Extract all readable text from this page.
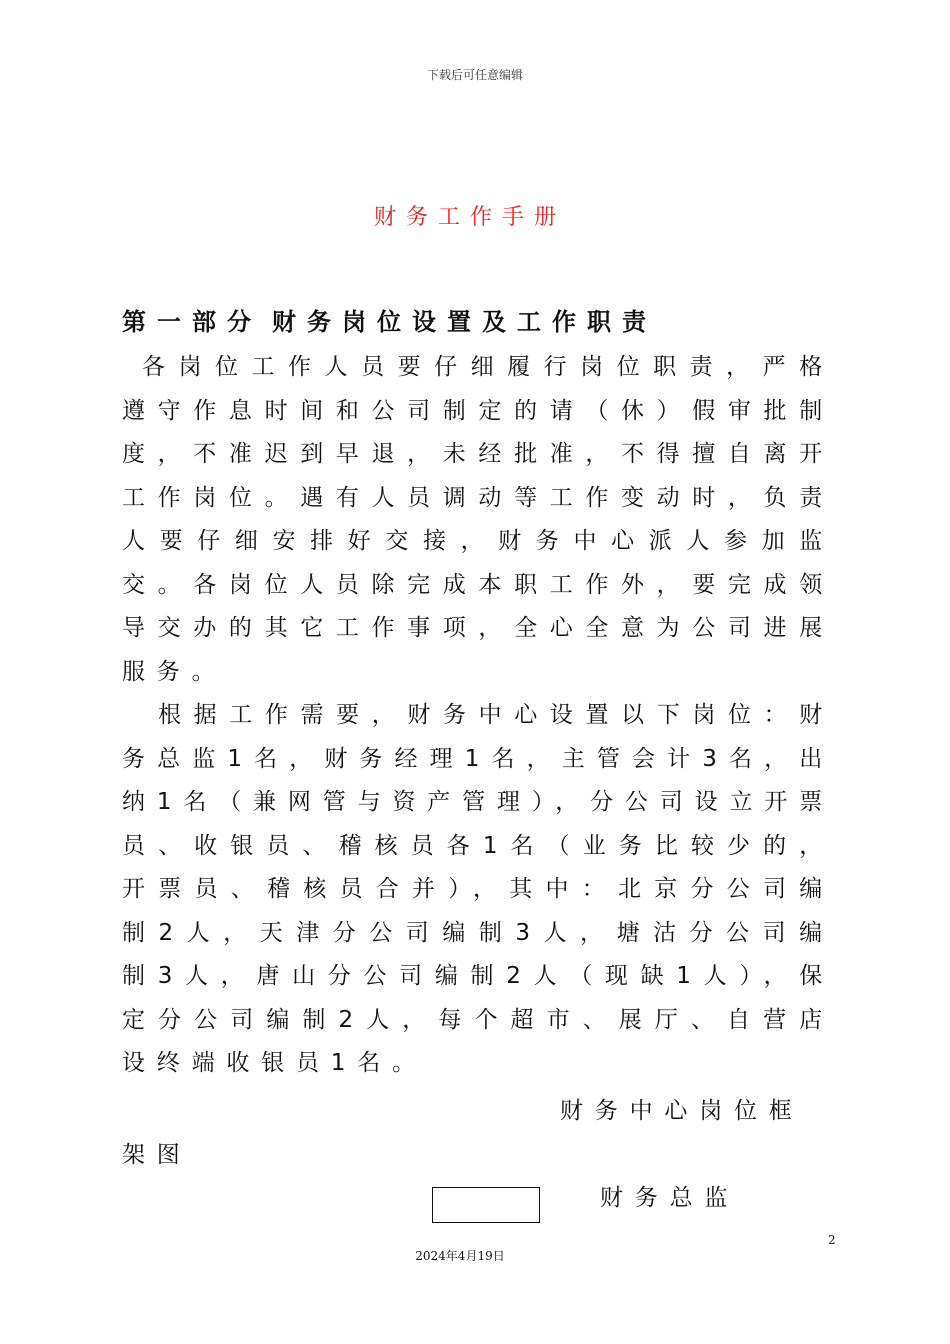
下载后可任意编辑
财务工作手册
第一部分 财务岗位设置及工作职责

各岗位工作人员要仔细履行岗位职责，严格遵守作息时间和公司制定的请（休）假审批制度，不准迟到早退，未经批准，不得擅自离开工作岗位。遇有人员调动等工作变动时，负责人要仔细安排好交接，财务中心派人参加监交。各岗位人员除完成本职工作外，要完成领导交办的其它工作事项，全心全意为公司进展服务。

根据工作需要，财务中心设置以下岗位：财务总监1名，财务经理1名，主管会计3名，出纳1名（兼网管与资产管理），分公司设立开票员、收银员、稽核员各1名（业务比较少的，开票员、稽核员合并），其中：北京分公司编制2人，天津分公司编制3人，塘沽分公司编制3人，唐山分公司编制2人（现缺1人），保定分公司编制2人，每个超市、展厅、自营店设终端收银员1名。

财务中心岗位框
架图
财务总监
2
2024年4月19日
